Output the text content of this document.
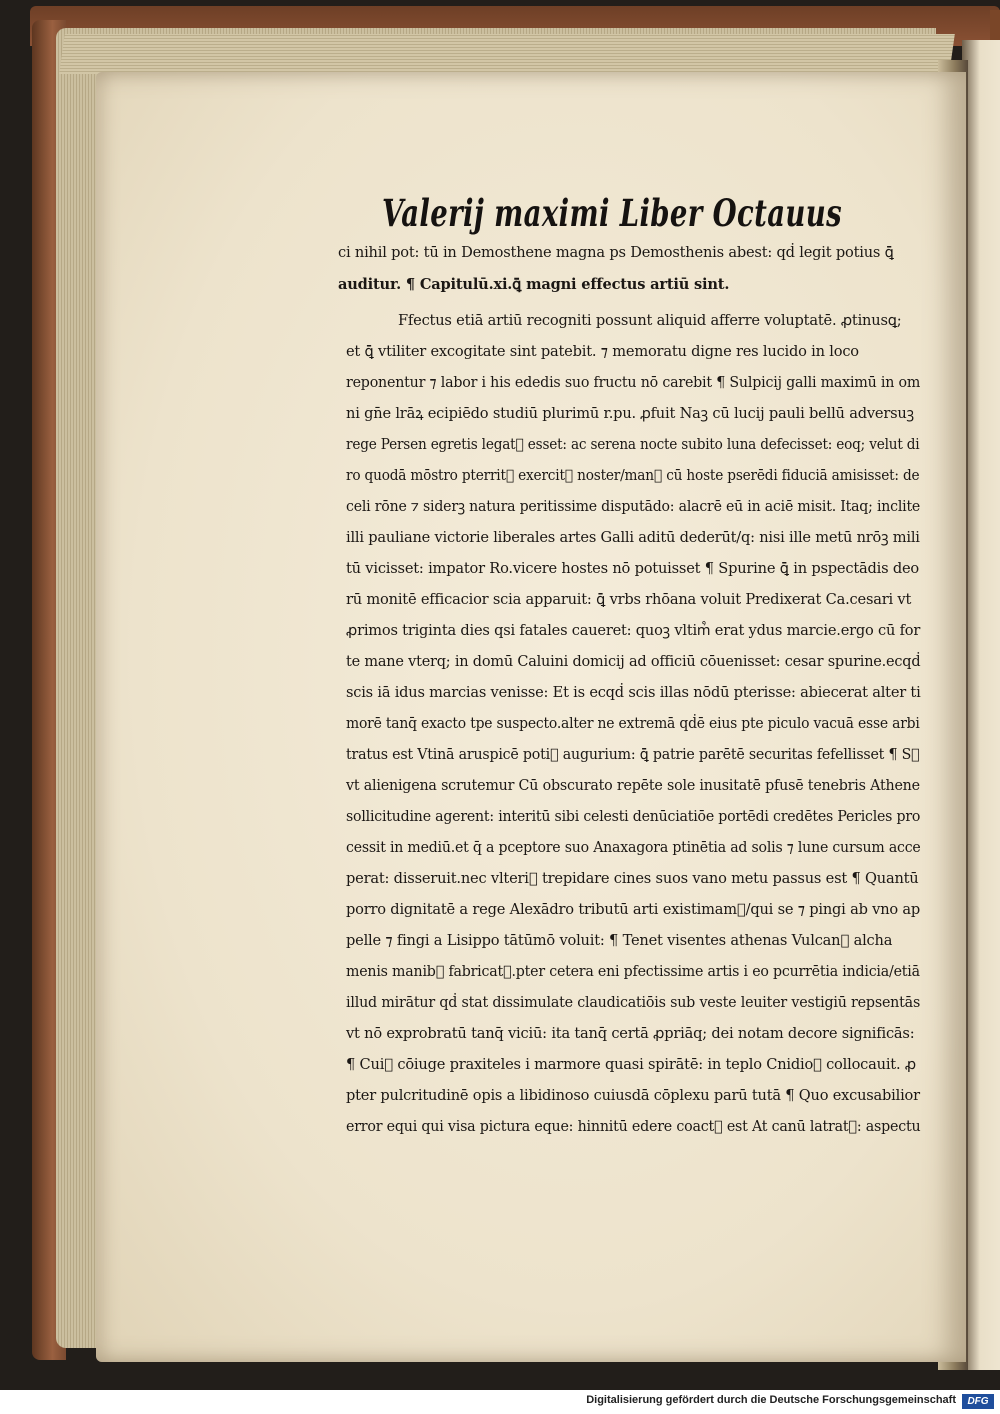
Valerij maximi Liber Octauus

ci nihil pot: tū in Demosthene magna ps Demosthenis abest: qḋ legit potius ꝗ̄

auditur. ¶ Capitulū.xi.ꝗ̄ magni effectus artiū sint.

Ffectus etiā artiū recogniti possunt aliquid afferre voluptatē. ꝓtinusꝗ;

et ꝗ̄ vtiliter excogitate sint patebit. ⁊ memoratu digne res lucido in loco

reponentur ⁊ labor i his ededis suo fructu nō carebit ¶ Sulpicij galli maximū in om

ni gn̄e lrāꝝ ecipiēdo studiū plurimū r.pu. ꝓfuit Naꝫ cū lucij pauli bellū adversuꝫ

rege Persen egretis legat᷒ esset: ac serena nocte subito luna defecisset: eoq; velut di

ro quodā mōstro pterrit᷒ exercit᷒ noster/man᷒ cū hoste pserēdi fiduciā amisisset: de

celi rōne ⁊ siderꝫ natura peritissime disputādo: alacrē eū in aciē misit. Itaq; inclite

illi pauliane victorie liberales artes Galli aditū dederūt/q: nisi ille metū nrōꝫ mili

tū vicisset: impator Ro.vicere hostes nō potuisset ¶ Spurine ꝗ̄ in pspectādis deo

rū monitē efficacior scia apparuit: ꝗ̄ vrbs rhōana voluit Predixerat Ca.cesari vt

ꝓrimos triginta dies qsi fatales caueret: quoꝫ vltim᷒ erat ydus marcie.ergo cū for

te mane vterq; in domū Caluini domicij ad officiū cōuenisset: cesar spurine.ecqḋ

scis iā idus marcias venisse: Et is ecqḋ scis illas nōdū pterisse: abiecerat alter ti

morē tanq̄ exacto tpe suspecto.alter ne extremā qḋē eius pte piculo vacuā esse arbi

tratus est Vtinā aruspicē poti᷒ augurium: ꝗ̄ patrie parētē securitas fefellisset ¶ Sꝫ

vt alienigena scrutemur Cū obscurato repēte sole inusitatē pfusē tenebris Athene

sollicitudine agerent: interitū sibi celesti denūciatiōe portēdi credētes Pericles pro

cessit in mediū.et q̄ a pceptore suo Anaxagora ptinētia ad solis ⁊ lune cursum acce

perat: disseruit.nec vlteri᷒ trepidare cines suos vano metu passus est ¶ Quantū

porro dignitatē a rege Alexādro tributū arti existimam᷒/qui se ⁊ pingi ab vno ap

pelle ⁊ fingi a Lisippo tātūmō voluit: ¶ Tenet visentes athenas Vulcan᷒ alcha

menis manib᷒ fabricat᷒.pter cetera eni pfectissime artis i eo pcurrētia indicia/etiā

illud mirātur qḋ stat dissimulate claudicatiōis sub veste leuiter vestigiū repsentās

vt nō exprobratū tanq̄ viciū: ita tanq̄ certā ꝓpriāq; dei notam decore significās:

¶ Cui᷒ cōiuge praxiteles i marmore quasi spirātē: in teplo Cnidioꝫ collocauit. ꝓ

pter pulcritudinē opis a libidinoso cuiusdā cōplexu parū tutā ¶ Quo excusabilior

error equi qui visa pictura eque: hinnitū edere coact᷒ est At canū latrat᷒: aspectu

Digitalisierung gefördert durch die Deutsche Forschungsgemeinschaft	DFG
